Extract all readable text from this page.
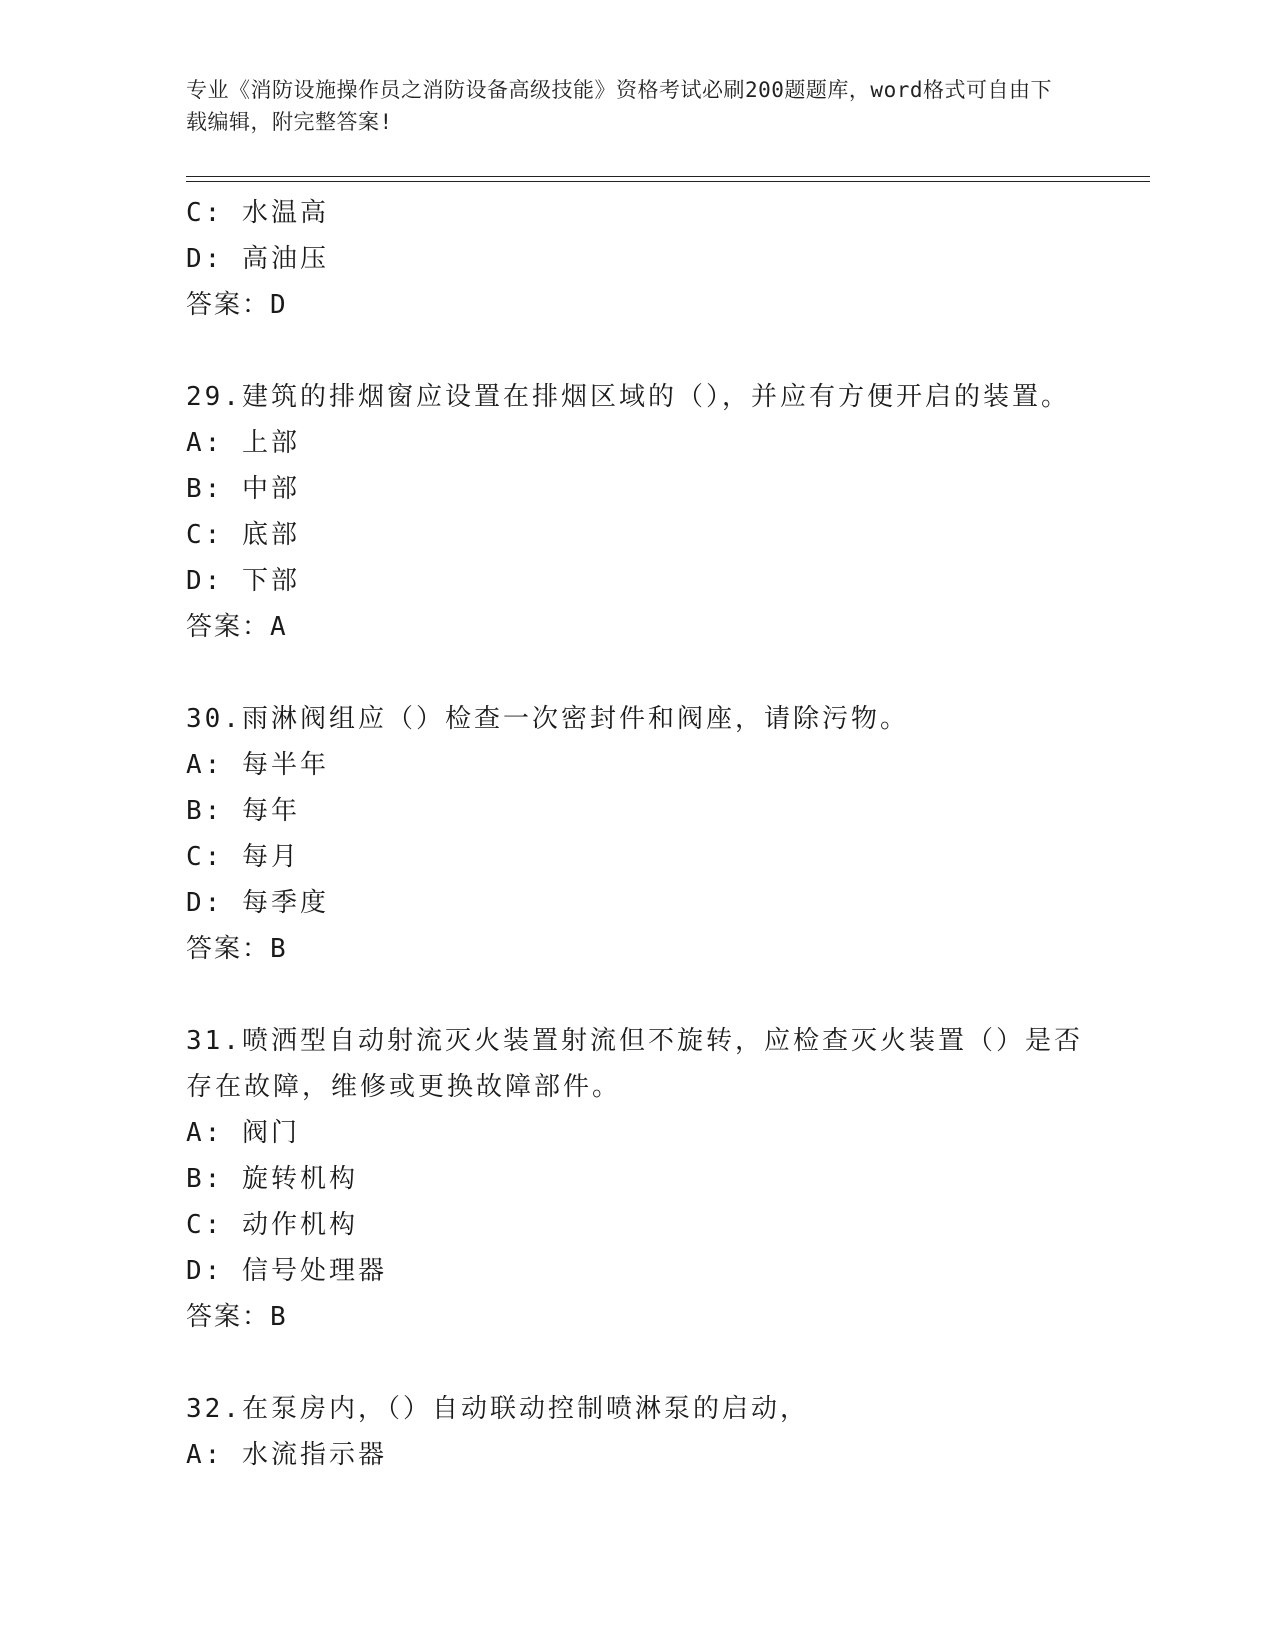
专业《消防设施操作员之消防设备高级技能》资格考试必刷200题题库，word格式可自由下载编辑，附完整答案!
C: 水温高
D: 高油压
答案：D
29.建筑的排烟窗应设置在排烟区域的（），并应有方便开启的装置。
A: 上部
B: 中部
C: 底部
D: 下部
答案：A
30.雨淋阀组应（）检查一次密封件和阀座，请除污物。
A: 每半年
B: 每年
C: 每月
D: 每季度
答案：B
31.喷洒型自动射流灭火装置射流但不旋转，应检查灭火装置（）是否存在故障，维修或更换故障部件。
A: 阀门
B: 旋转机构
C: 动作机构
D: 信号处理器
答案：B
32.在泵房内，（）自动联动控制喷淋泵的启动，
A: 水流指示器
